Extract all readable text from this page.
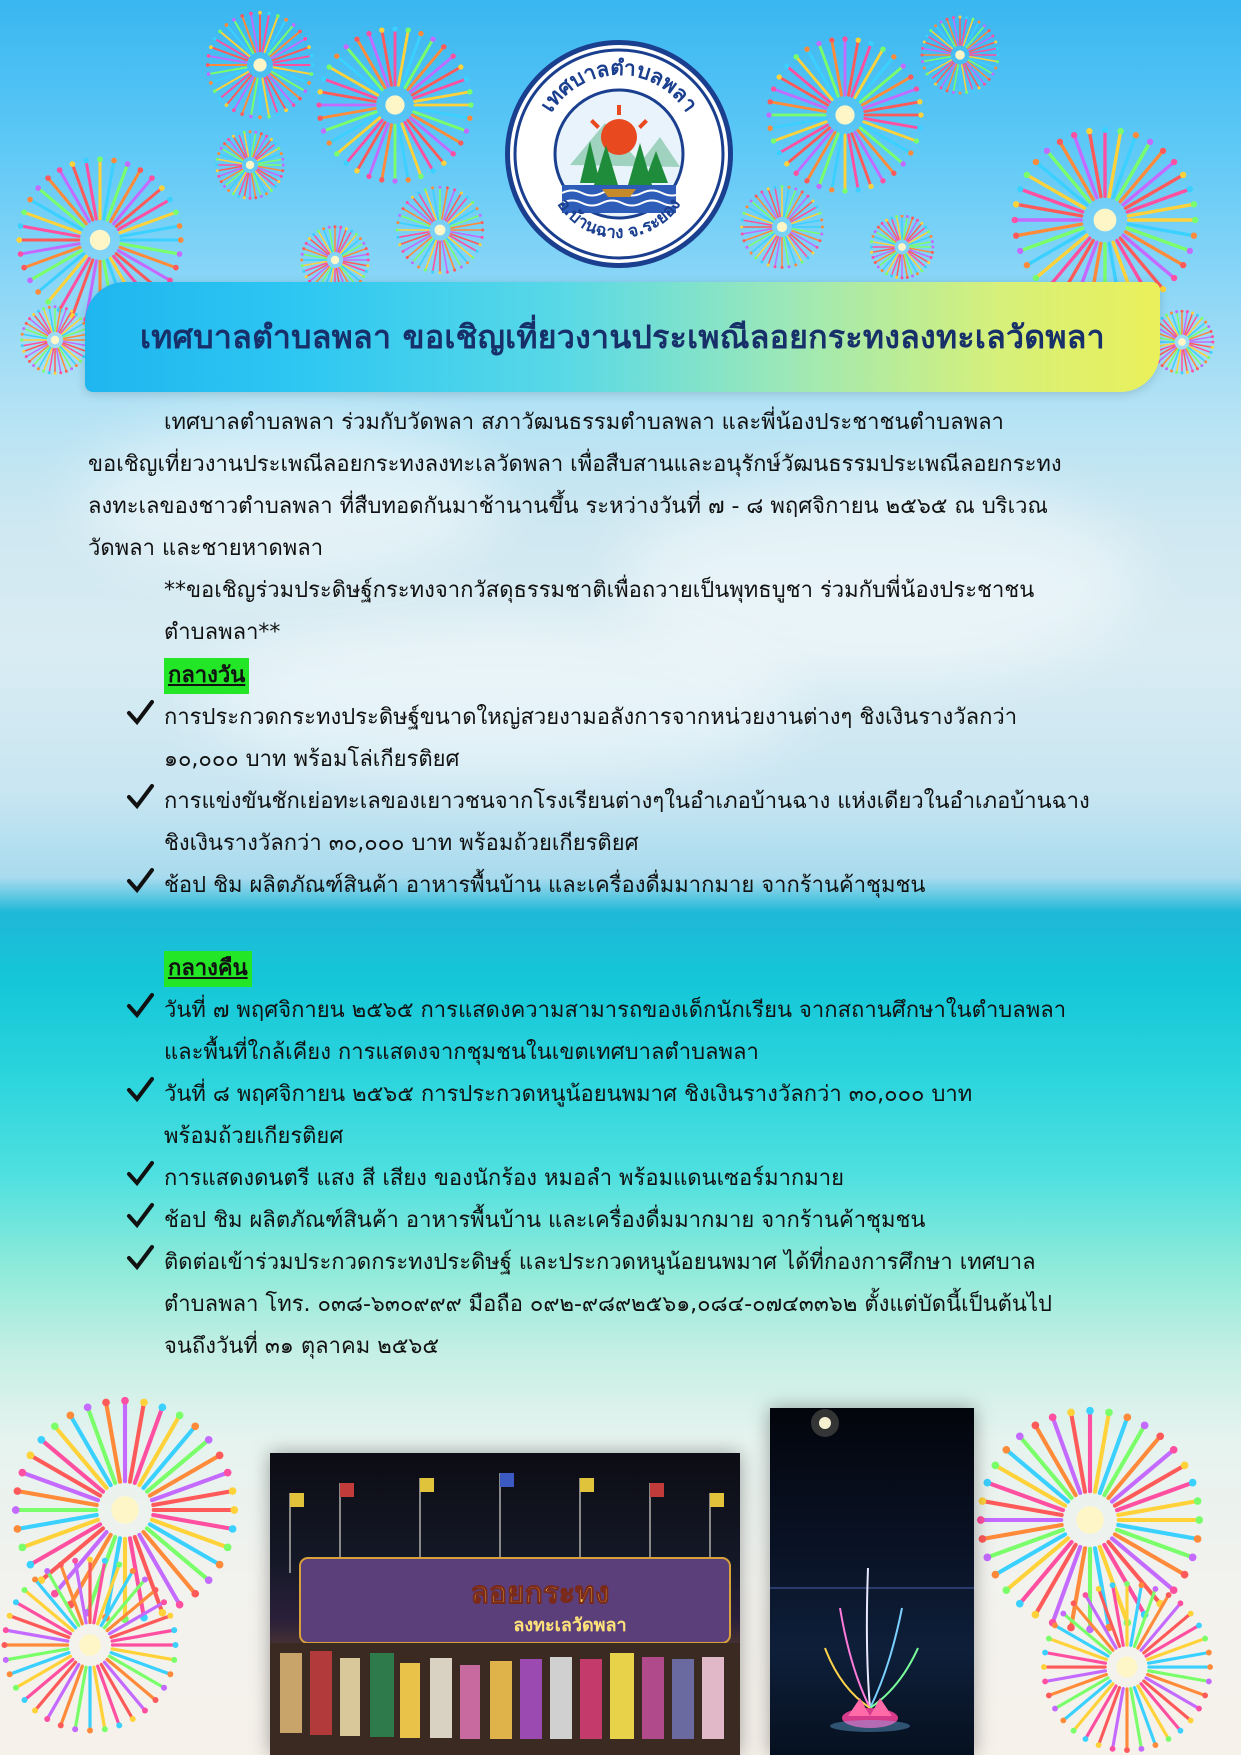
เทศบาลตำบลพลา
อ.บ้านฉาง จ.ระยอง
เทศบาลตำบลพลา ขอเชิญเที่ยวงานประเพณีลอยกระทงลงทะเลวัดพลา

เทศบาลตำบลพลา ร่วมกับวัดพลา สภาวัฒนธรรมตำบลพลา และพี่น้องประชาชนตำบลพลา

ขอเชิญเที่ยวงานประเพณีลอยกระทงลงทะเลวัดพลา เพื่อสืบสานและอนุรักษ์วัฒนธรรมประเพณีลอยกระทง

ลงทะเลของชาวตำบลพลา ที่สืบทอดกันมาช้านานขึ้น ระหว่างวันที่ ๗ - ๘ พฤศจิกายน ๒๕๖๕ ณ บริเวณ

วัดพลา และชายหาดพลา

**ขอเชิญร่วมประดิษฐ์กระทงจากวัสดุธรรมชาติเพื่อถวายเป็นพุทธบูชา ร่วมกับพี่น้องประชาชน

ตำบลพลา**

กลางวัน
การประกวดกระทงประดิษฐ์ขนาดใหญ่สวยงามอลังการจากหน่วยงานต่างๆ ชิงเงินรางวัลกว่า
๑๐,๐๐๐ บาท พร้อมโล่เกียรติยศ
การแข่งขันชักเย่อทะเลของเยาวชนจากโรงเรียนต่างๆในอำเภอบ้านฉาง แห่งเดียวในอำเภอบ้านฉาง
ชิงเงินรางวัลกว่า ๓๐,๐๐๐ บาท พร้อมถ้วยเกียรติยศ
ช้อป ชิม ผลิตภัณฑ์สินค้า อาหารพื้นบ้าน และเครื่องดื่มมากมาย จากร้านค้าชุมชน
กลางคืน
วันที่ ๗ พฤศจิกายน ๒๕๖๕ การแสดงความสามารถของเด็กนักเรียน จากสถานศึกษาในตำบลพลา
และพื้นที่ใกล้เคียง การแสดงจากชุมชนในเขตเทศบาลตำบลพลา
วันที่ ๘ พฤศจิกายน ๒๕๖๕ การประกวดหนูน้อยนพมาศ ชิงเงินรางวัลกว่า ๓๐,๐๐๐ บาท
พร้อมถ้วยเกียรติยศ
การแสดงดนตรี แสง สี เสียง ของนักร้อง หมอลำ พร้อมแดนเซอร์มากมาย
ช้อป ชิม ผลิตภัณฑ์สินค้า อาหารพื้นบ้าน และเครื่องดื่มมากมาย จากร้านค้าชุมชน
ติดต่อเข้าร่วมประกวดกระทงประดิษฐ์ และประกวดหนูน้อยนพมาศ ได้ที่กองการศึกษา เทศบาล
ตำบลพลา โทร. ๐๓๘-๖๓๐๙๙๙ มือถือ ๐๙๒-๙๘๙๒๕๖๑,๐๘๔-๐๗๔๓๓๖๒ ตั้งแต่บัดนี้เป็นต้นไป
จนถึงวันที่ ๓๑ ตุลาคม ๒๕๖๕
ลอยกระทง
ลงทะเลวัดพลา
